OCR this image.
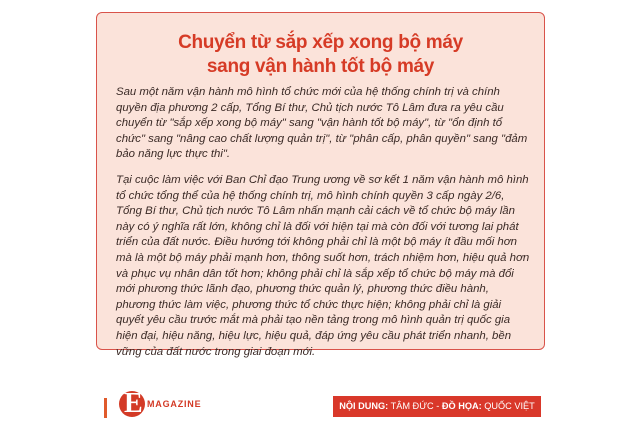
Chuyển từ sắp xếp xong bộ máy
sang vận hành tốt bộ máy

Sau một năm vận hành mô hình tổ chức mới của hệ thống chính trị và chính quyền địa phương 2 cấp, Tổng Bí thư, Chủ tịch nước Tô Lâm đưa ra yêu cầu chuyển từ "sắp xếp xong bộ máy" sang "vận hành tốt bộ máy", từ "ổn định tổ chức" sang "nâng cao chất lượng quản trị", từ "phân cấp, phân quyền" sang "đảm bảo năng lực thực thi".

Tại cuộc làm việc với Ban Chỉ đạo Trung ương về sơ kết 1 năm vận hành mô hình tổ chức tổng thể của hệ thống chính trị, mô hình chính quyền 3 cấp ngày 2/6, Tổng Bí thư, Chủ tịch nước Tô Lâm nhấn mạnh cải cách về tổ chức bộ máy lần này có ý nghĩa rất lớn, không chỉ là đối với hiện tại mà còn đối với tương lai phát triển của đất nước. Điều hướng tới không phải chỉ là một bộ máy ít đầu mối hơn mà là một bộ máy phải mạnh hơn, thông suốt hơn, trách nhiệm hơn, hiệu quả hơn và phục vụ nhân dân tốt hơn; không phải chỉ là sắp xếp tổ chức bộ máy mà đổi mới phương thức lãnh đạo, phương thức quản lý, phương thức điều hành, phương thức làm việc, phương thức tổ chức thực hiện; không phải chỉ là giải quyết yêu cầu trước mắt mà phải tạo nền tảng trong mô hình quản trị quốc gia hiện đại, hiệu năng, hiệu lực, hiệu quả, đáp ứng yêu cầu phát triển nhanh, bền vững của đất nước trong giai đoạn mới.

E MAGAZINE	NỘI DUNG: TÂM ĐỨC - ĐỒ HỌA: QUỐC VIỆT
